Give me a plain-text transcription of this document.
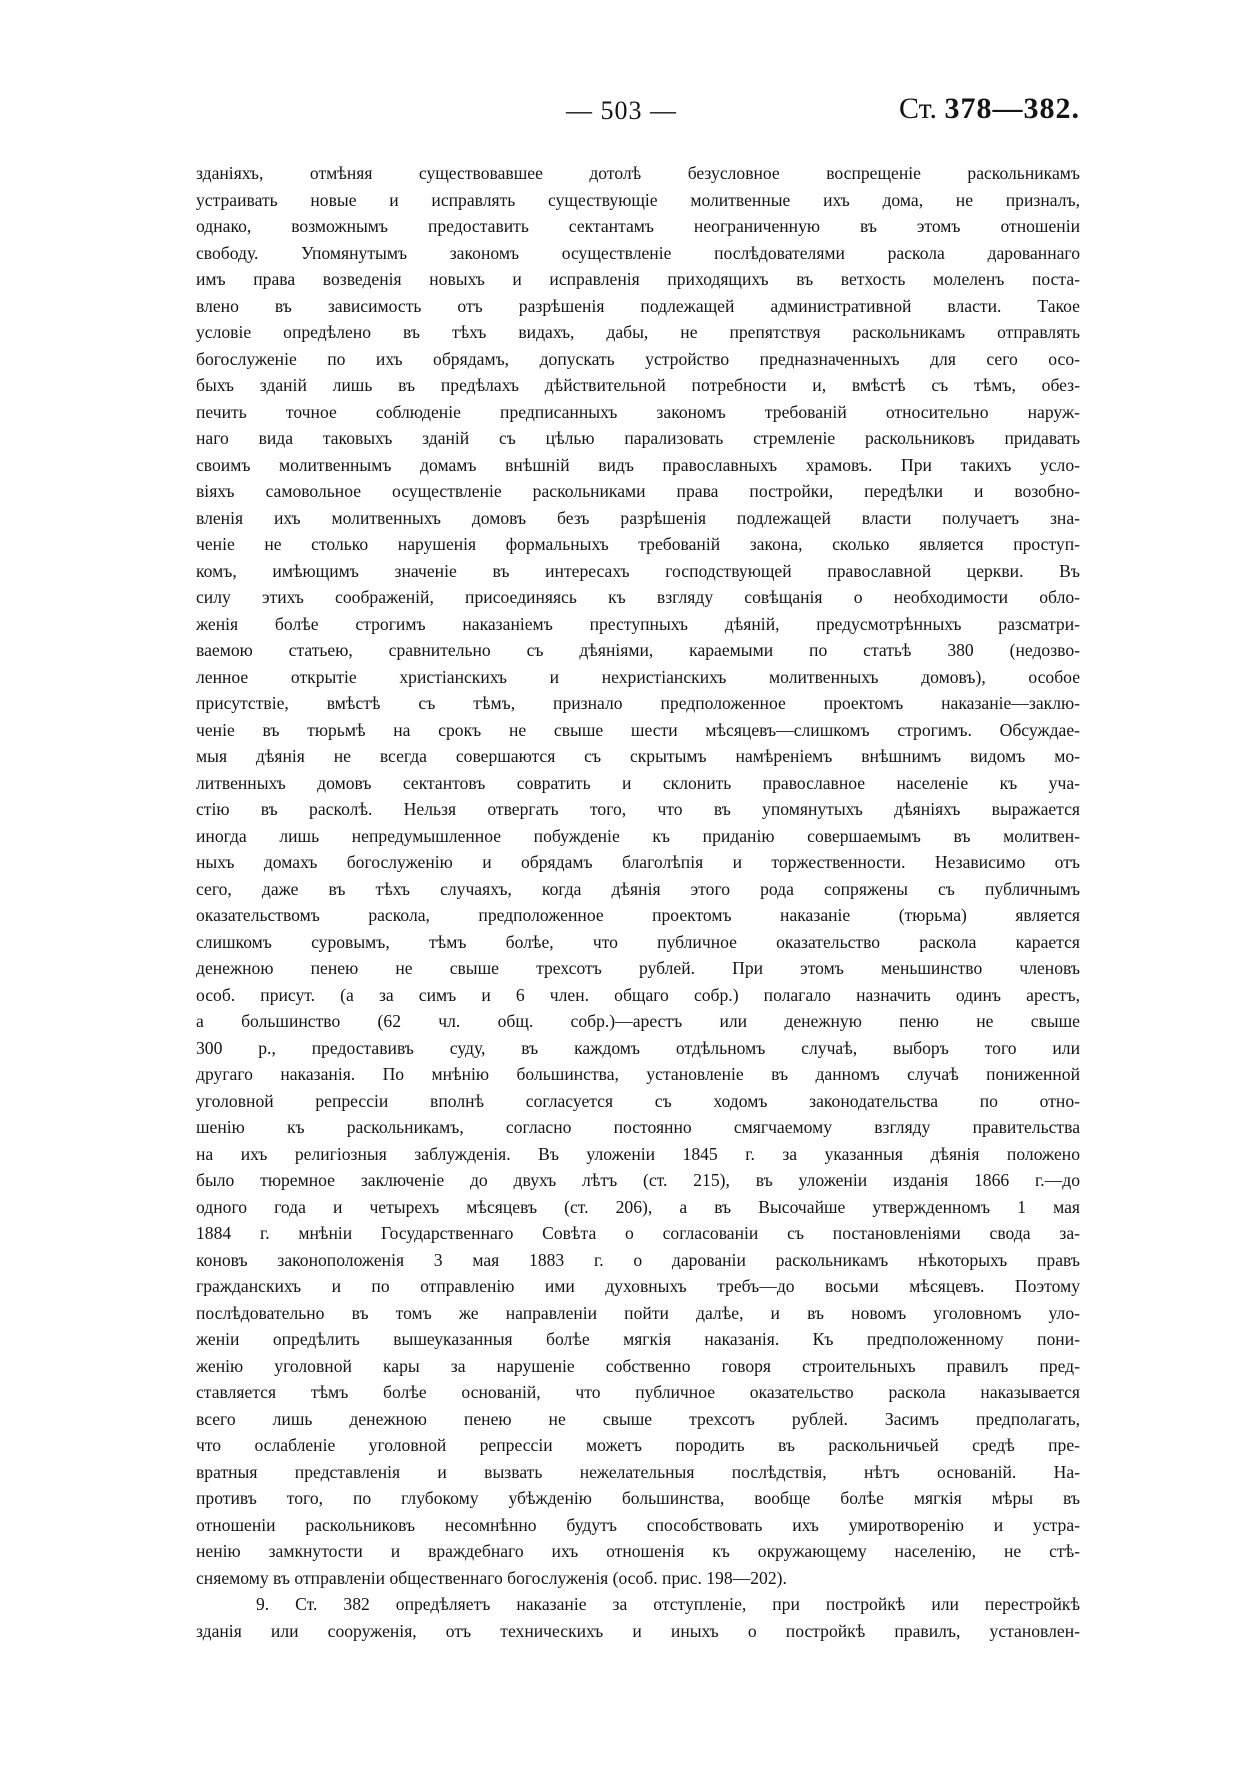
— 503 —	Ст. 378—382.
зданіяхъ, отмѣняя существовавшее дотолѣ безусловное воспрещеніе раскольникамъ
устраивать новые и исправлять существующіе молитвенные ихъ дома, не призналъ,
однако, возможнымъ предоставить сектантамъ неограниченную въ этомъ отношеніи
свободу. Упомянутымъ закономъ осуществленіе послѣдователями раскола дарованнаго
имъ права возведенія новыхъ и исправленія приходящихъ въ ветхость молеленъ поста-
влено въ зависимость отъ разрѣшенія подлежащей административной власти. Такое
условіе опредѣлено въ тѣхъ видахъ, дабы, не препятствуя раскольникамъ отправлять
богослуженіе по ихъ обрядамъ, допускать устройство предназначенныхъ для сего осо-
быхъ зданій лишь въ предѣлахъ дѣйствительной потребности и, вмѣстѣ съ тѣмъ, обез-
печить точное соблюденіе предписанныхъ закономъ требованій относительно наруж-
наго вида таковыхъ зданій съ цѣлью парализовать стремленіе раскольниковъ придавать
своимъ молитвеннымъ домамъ внѣшній видъ православныхъ храмовъ. При такихъ усло-
віяхъ самовольное осуществленіе раскольниками права постройки, передѣлки и возобно-
вленія ихъ молитвенныхъ домовъ безъ разрѣшенія подлежащей власти получаетъ зна-
ченіе не столько нарушенія формальныхъ требованій закона, сколько является проступ-
комъ, имѣющимъ значеніе въ интересахъ господствующей православной церкви. Въ
силу этихъ соображеній, присоединяясь къ взгляду совѣщанія о необходимости обло-
женія болѣе строгимъ наказаніемъ преступныхъ дѣяній, предусмотрѣнныхъ разсматри-
ваемою статьею, сравнительно съ дѣяніями, караемыми по статьѣ 380 (недозво-
ленное открытіе христіанскихъ и нехристіанскихъ молитвенныхъ домовъ), особое
присутствіе, вмѣстѣ съ тѣмъ, признало предположенное проектомъ наказаніе—заклю-
ченіе въ тюрьмѣ на срокъ не свыше шести мѣсяцевъ—слишкомъ строгимъ. Обсуждае-
мыя дѣянія не всегда совершаются съ скрытымъ намѣреніемъ внѣшнимъ видомъ мо-
литвенныхъ домовъ сектантовъ совратить и склонить православное населеніе къ уча-
стію въ расколѣ. Нельзя отвергать того, что въ упомянутыхъ дѣяніяхъ выражается
иногда лишь непредумышленное побужденіе къ приданію совершаемымъ въ молитвен-
ныхъ домахъ богослуженію и обрядамъ благолѣпія и торжественности. Независимо отъ
сего, даже въ тѣхъ случаяхъ, когда дѣянія этого рода сопряжены съ публичнымъ
оказательствомъ раскола, предположенное проектомъ наказаніе (тюрьма) является
слишкомъ суровымъ, тѣмъ болѣе, что публичное оказательство раскола карается
денежною пенею не свыше трехсотъ рублей. При этомъ меньшинство членовъ
особ. присут. (а за симъ и 6 член. общаго собр.) полагало назначить одинъ арестъ,
а большинство (62 чл. общ. собр.)—арестъ или денежную пеню не свыше
300 р., предоставивъ суду, въ каждомъ отдѣльномъ случаѣ, выборъ того или
другаго наказанія. По мнѣнію большинства, установленіе въ данномъ случаѣ пониженной
уголовной репрессіи вполнѣ согласуется съ ходомъ законодательства по отно-
шенію къ раскольникамъ, согласно постоянно смягчаемому взгляду правительства
на ихъ религіозныя заблужденія. Въ уложеніи 1845 г. за указанныя дѣянія положено
было тюремное заключеніе до двухъ лѣтъ (ст. 215), въ уложеніи изданія 1866 г.—до
одного года и четырехъ мѣсяцевъ (ст. 206), а въ Высочайше утвержденномъ 1 мая
1884 г. мнѣніи Государственнаго Совѣта о согласованіи съ постановленіями свода за-
коновъ законоположенія 3 мая 1883 г. о дарованіи раскольникамъ нѣкоторыхъ правъ
гражданскихъ и по отправленію ими духовныхъ требъ—до восьми мѣсяцевъ. Поэтому
послѣдовательно въ томъ же направленіи пойти далѣе, и въ новомъ уголовномъ уло-
женіи опредѣлить вышеуказанныя болѣе мягкія наказанія. Къ предположенному пони-
женію уголовной кары за нарушеніе собственно говоря строительныхъ правилъ пред-
ставляется тѣмъ болѣе основаній, что публичное оказательство раскола наказывается
всего лишь денежною пенею не свыше трехсотъ рублей. Засимъ предполагать,
что ослабленіе уголовной репрессіи можетъ породить въ раскольничьей средѣ пре-
вратныя представленія и вызвать нежелательныя послѣдствія, нѣтъ основаній. На-
противъ того, по глубокому убѣжденію большинства, вообще болѣе мягкія мѣры въ
отношеніи раскольниковъ несомнѣнно будутъ способствовать ихъ умиротворенію и устра-
ненію замкнутости и враждебнаго ихъ отношенія къ окружающему населенію, не стѣ-
сняемому въ отправленіи общественнаго богослуженія (особ. прис. 198—202).
9. Ст. 382 опредѣляетъ наказаніе за отступленіе, при постройкѣ или перестройкѣ
зданія или сооруженія, отъ техническихъ и иныхъ о постройкѣ правилъ, установлен-
